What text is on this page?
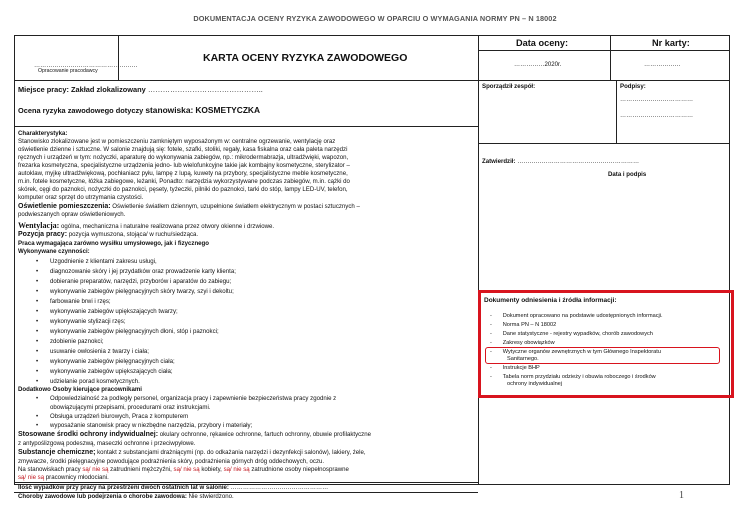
DOKUMENTACJA OCENY RYZYKA ZAWODOWEGO W OPARCIU O WYMAGANIA NORMY PN – N 18002
……………………………………………
Opracowanie pracodawcy
KARTA OCENY RYZYKA ZAWODOWEGO
Data oceny:
……………2020r.
Nr karty:
………………
Miejsce pracy: Zakład zlokalizowany ………………………………………..
Ocena ryzyka zawodowego dotyczy stanowiska: KOSMETYCZKA
Sporządził zespół:	Podpisy:
………………………………
………………………………
Zatwierdził: ……………………………………………………
Data i podpis
Charakterystyka:
Stanowisko zlokalizowane jest w pomieszczeniu zamkniętym wyposażonym w: centralne ogrzewanie, wentylację oraz
oświetlenie dzienne i sztuczne. W salonie znajdują się: fotele, szafki, stoliki, regały, kasa fiskalna oraz cała paleta narzędzi
ręcznych i urządzeń w tym: nożyczki, aparaturę do wykonywania zabiegów, np.: mikrodermabrazja, ultradźwięki, wapozon,
frezarka kosmetyczna, specjalistyczne urządzenia jedno- lub wielofunkcyjne takie jak kombajny kosmetyczne, sterylizator –
autoklaw, myjkę ultradźwiękową, pochłaniacz pyłu, lampę z lupą, kuwety na przybory, specjalistyczne meble kosmetyczne,
m.in. fotele kosmetyczne, łóżka zabiegowe, leżanki, Ponadto: narzędzia wykorzystywane podczas zabiegów, m.in. cążki do
skórek, cęgi do paznokci, nożyczki do paznokci, pęsety, tyżeczki, pilniki do paznokci, tarki do stóp, lampy LED-UV, telefon,
komputer oraz sprzęt do utrzymania czystości.
Oświetlenie pomieszczenia: Oświetlenie światłem dziennym, uzupełnione światłem elektrycznym w postaci sztucznych –
podwieszanych opraw oświetleniowych.
Wentylacja: ogólna, mechaniczna i naturalne realizowana przez otwory okienne i drzwiowe.
Pozycja pracy: pozycja wymuszona, stojąca/ w ruchu/siedząca.
Praca wymagająca zarówno wysiłku umysłowego, jak i fizycznego
Wykonywane czynności:
• Uzgodnienie z klientami zakresu usługi,
• diagnozowanie skóry i jej przydatków oraz prowadzenie karty klienta;
• dobieranie preparatów, narzędzi, przyborów i aparatów do zabiegu;
• wykonywanie zabiegów pielęgnacyjnych skóry twarzy, szyi i dekoltu;
• farbowanie brwi i rzęs;
• wykonywanie zabiegów upiększających twarzy;
• wykonywanie stylizacji rzęs;
• wykonywanie zabiegów pielęgnacyjnych dłoni, stóp i paznokci;
• zdobienie paznokci;
• usuwanie owłosienia z twarzy i ciała;
• wykonywanie zabiegów pielęgnacyjnych ciała;
• wykonywanie zabiegów upiększających ciała;
• udzielanie porad kosmetycznych.
Dodatkowo Osoby kierujące pracownikami
• Odpowiedzialność za podległy personel, organizacja pracy i zapewnienie bezpieczeństwa pracy zgodnie z
obowiązującymi przepisami, procedurami oraz instrukcjami.
• Obsługa urządzeń biurowych, Praca z komputerem
• wyposażanie stanowisk pracy w niezbędne narzędzia, przybory i materiały;
Stosowane środki ochrony indywidualnej: okulary ochronne, rękawice ochronne, fartuch ochronny, obuwie profilaktyczne
z antypoślizgową podeszwą, maseczki ochronne i przeciwpyłowe.
Substancje chemiczne; kontakt z substancjami drażniącymi (np. do odkażania narzędzi i dezynfekcji salonów), lakiery, żele,
zmywacze, środki pielęgnacyjne powodujące podrażnienia skóry, podrażnienia górnych dróg oddechowych, oczu.
Na stanowiskach pracy są/ nie są zatrudnieni mężczyźni, są/ nie są kobiety, są/ nie są zatrudnione osoby niepełnosprawne
są/ nie są pracownicy młodociani.
Ilość wypadków przy pracy na przestrzeni dwóch ostatnich lat w salonie: …………………………………………
Choroby zawodowe lub podejrzenia o chorobe zawodowa: Nie stwierdzono.
Dokumenty odniesienia i źródła informacji:
-       Dokument opracowano na podstawie udostępnionych informacji.
-       Norma PN – N 18002
-       Dane statystyczne - rejestry wypadków, chorób zawodowych
-       Zakresy obowiązków
-       Wytyczne organów zewnętrznych w tym Głównego Inspektoratu
Sanitarnego.
-       Instrukcje BHP
-       Tabela norm przydziału odzieży i obuwia roboczego i środków
ochrony indywidualnej
1
